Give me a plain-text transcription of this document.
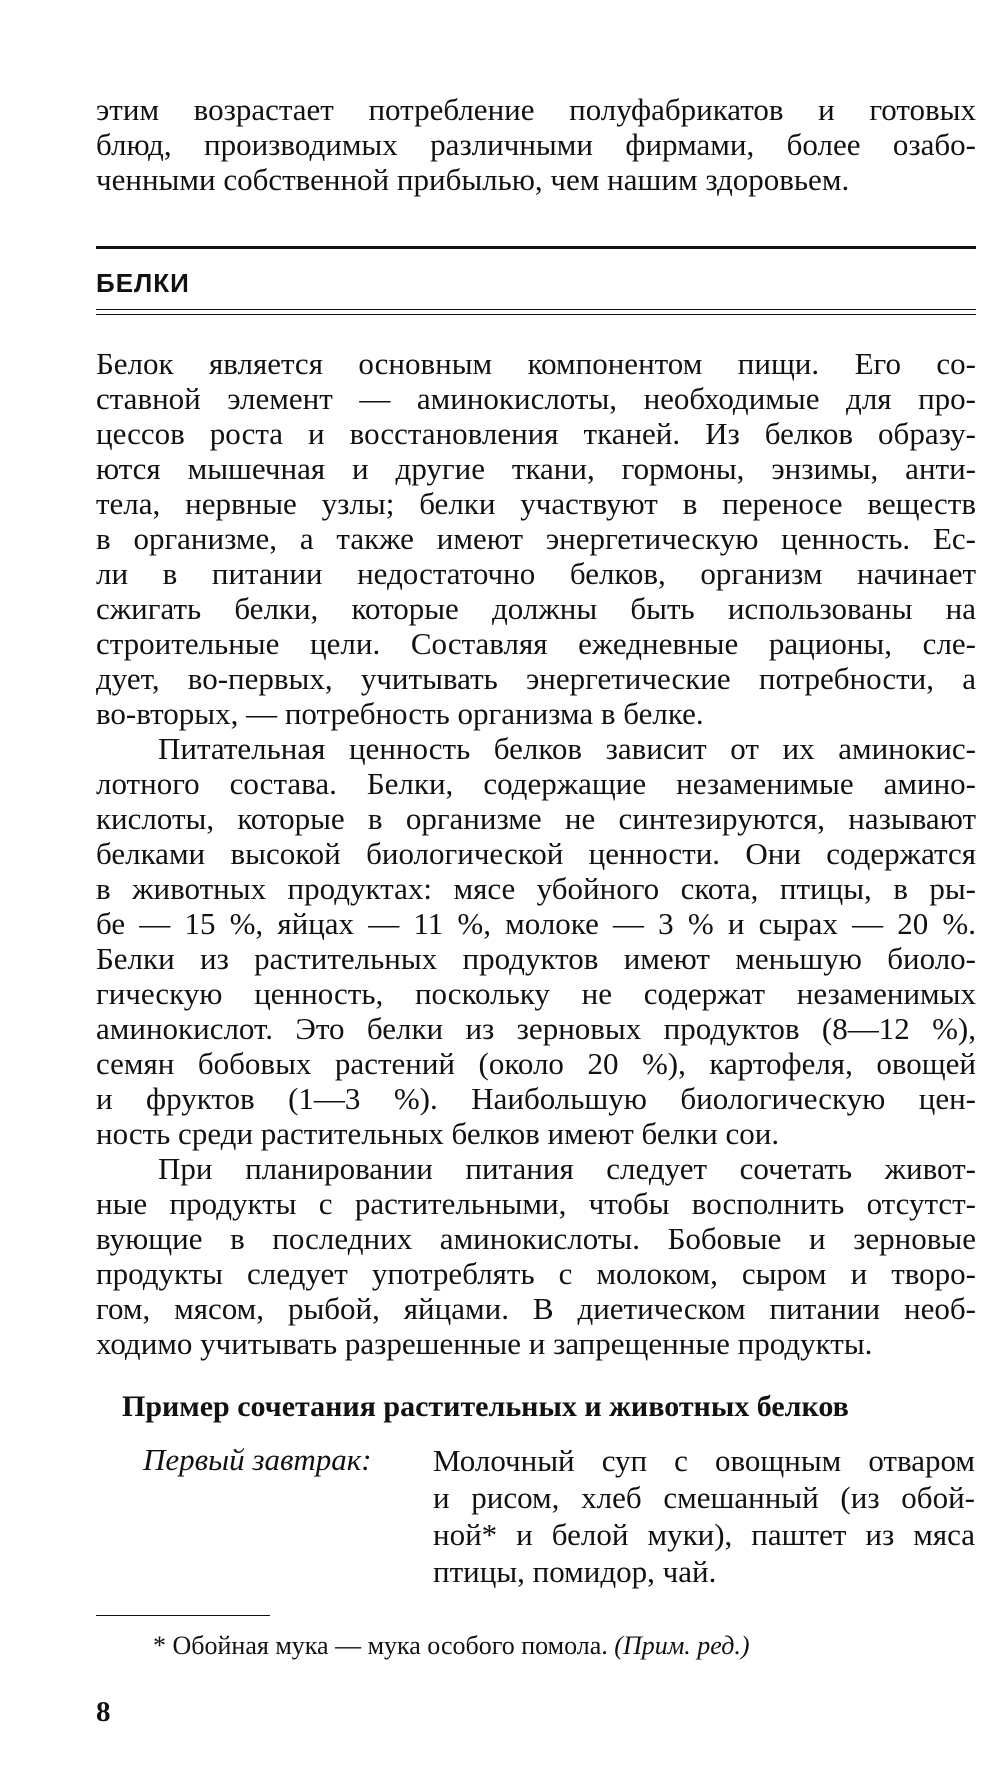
этим возрастает потребление полуфабрикатов и готовых
блюд, производимых различными фирмами, более озабо-
ченными собственной прибылью, чем нашим здоровьем.
БЕЛКИ
Белок является основным компонентом пищи. Его со-
ставной элемент — аминокислоты, необходимые для про-
цессов роста и восстановления тканей. Из белков образу-
ются мышечная и другие ткани, гормоны, энзимы, анти-
тела, нервные узлы; белки участвуют в переносе веществ
в организме, а также имеют энергетическую ценность. Ес-
ли в питании недостаточно белков, организм начинает
сжигать белки, которые должны быть использованы на
строительные цели. Составляя ежедневные рационы, сле-
дует, во-первых, учитывать энергетические потребности, а
во-вторых, — потребность организма в белке.
Питательная ценность белков зависит от их аминокис-
лотного состава. Белки, содержащие незаменимые амино-
кислоты, которые в организме не синтезируются, называют
белками высокой биологической ценности. Они содержатся
в животных продуктах: мясе убойного скота, птицы, в ры-
бе — 15 %, яйцах — 11 %, молоке — 3 % и сырах — 20 %.
Белки из растительных продуктов имеют меньшую биоло-
гическую ценность, поскольку не содержат незаменимых
аминокислот. Это белки из зерновых продуктов (8—12 %),
семян бобовых растений (около 20 %), картофеля, овощей
и фруктов (1—3 %). Наибольшую биологическую цен-
ность среди растительных белков имеют белки сои.
При планировании питания следует сочетать живот-
ные продукты с растительными, чтобы восполнить отсутст-
вующие в последних аминокислоты. Бобовые и зерновые
продукты следует употреблять с молоком, сыром и творо-
гом, мясом, рыбой, яйцами. В диетическом питании необ-
ходимо учитывать разрешенные и запрещенные продукты.
Пример сочетания растительных и животных белков
Первый завтрак: Молочный суп с овощным отваром
и рисом, хлеб смешанный (из обой-
ной* и белой муки), паштет из мяса
птицы, помидор, чай.
* Обойная мука — мука особого помола. (Прим. ред.)
8
